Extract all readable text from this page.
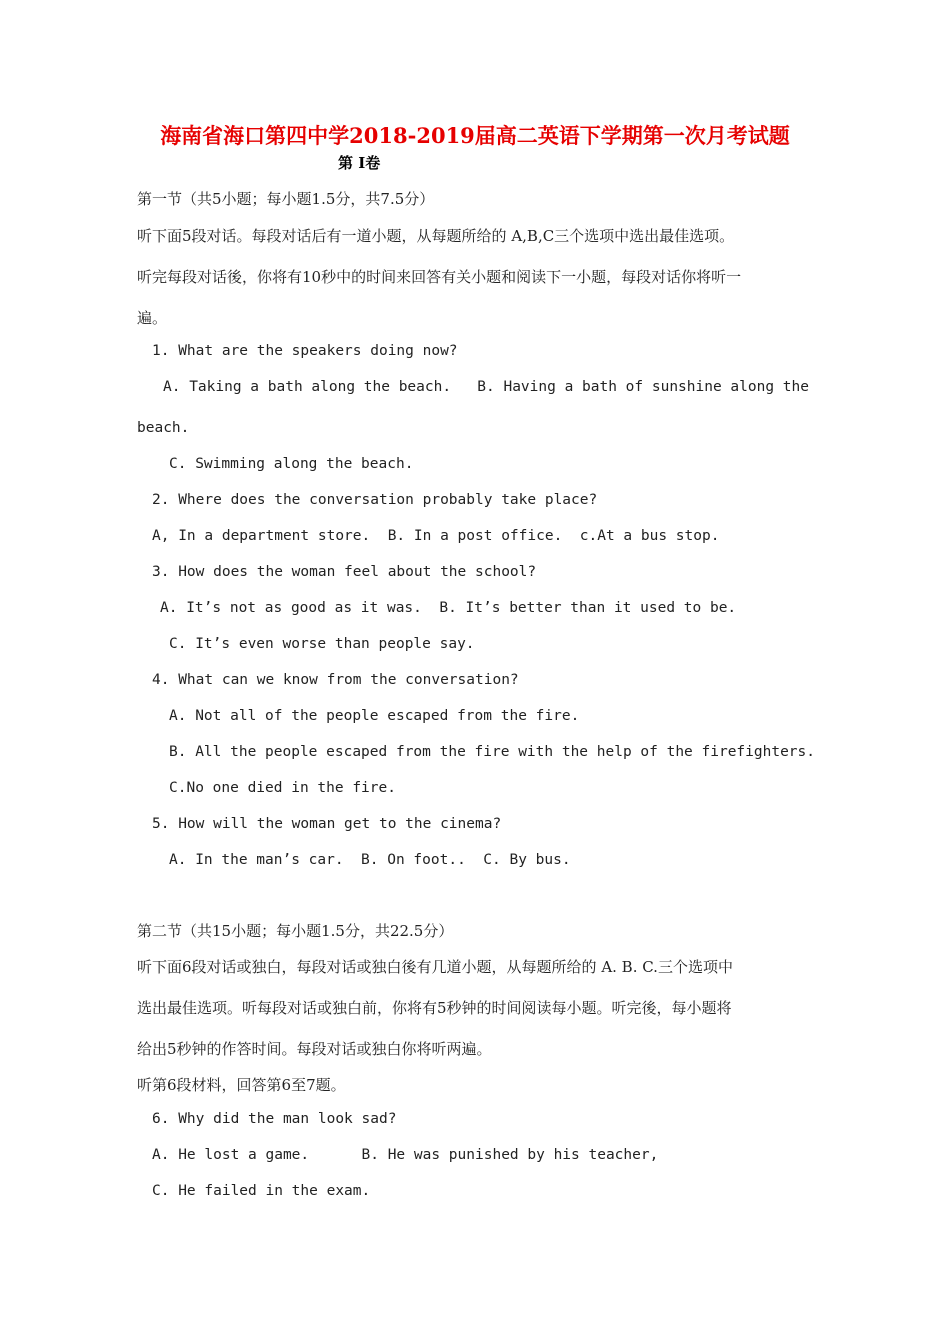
海南省海口第四中学2018-2019届高二英语下学期第一次月考试题
第 I卷
第一节（共5小题；每小题1.5分，共7.5分）
听下面5段对话。每段对话后有一道小题，从每题所给的 A,B,C三个选项中选出最佳选项。
听完每段对话後，你将有10秒中的时间来回答有关小题和阅读下一小题，每段对话你将听一
遍。
1. What are the speakers doing now?
A. Taking a bath along the beach.   B. Having a bath of sunshine along the
beach.
C. Swimming along the beach.
2. Where does the conversation probably take place?
A, In a department store.  B. In a post office.  c.At a bus stop.
3. How does the woman feel about the school?
A. It’s not as good as it was.  B. It’s better than it used to be.
C. It’s even worse than people say.
4. What can we know from the conversation?
A. Not all of the people escaped from the fire.
B. All the people escaped from the fire with the help of the firefighters.
C.No one died in the fire.
5. How will the woman get to the cinema?
A. In the man’s car.  B. On foot..  C. By bus.
第二节（共15小题；每小题1.5分，共22.5分）
听下面6段对话或独白，每段对话或独白後有几道小题，从每题所给的 A. B. C.三个选项中
选出最佳选项。听每段对话或独白前，你将有5秒钟的时间阅读每小题。听完後，每小题将
给出5秒钟的作答时间。每段对话或独白你将听两遍。
听第6段材料，回答第6至7题。
6. Why did the man look sad?
A. He lost a game.      B. He was punished by his teacher,
C. He failed in the exam.
